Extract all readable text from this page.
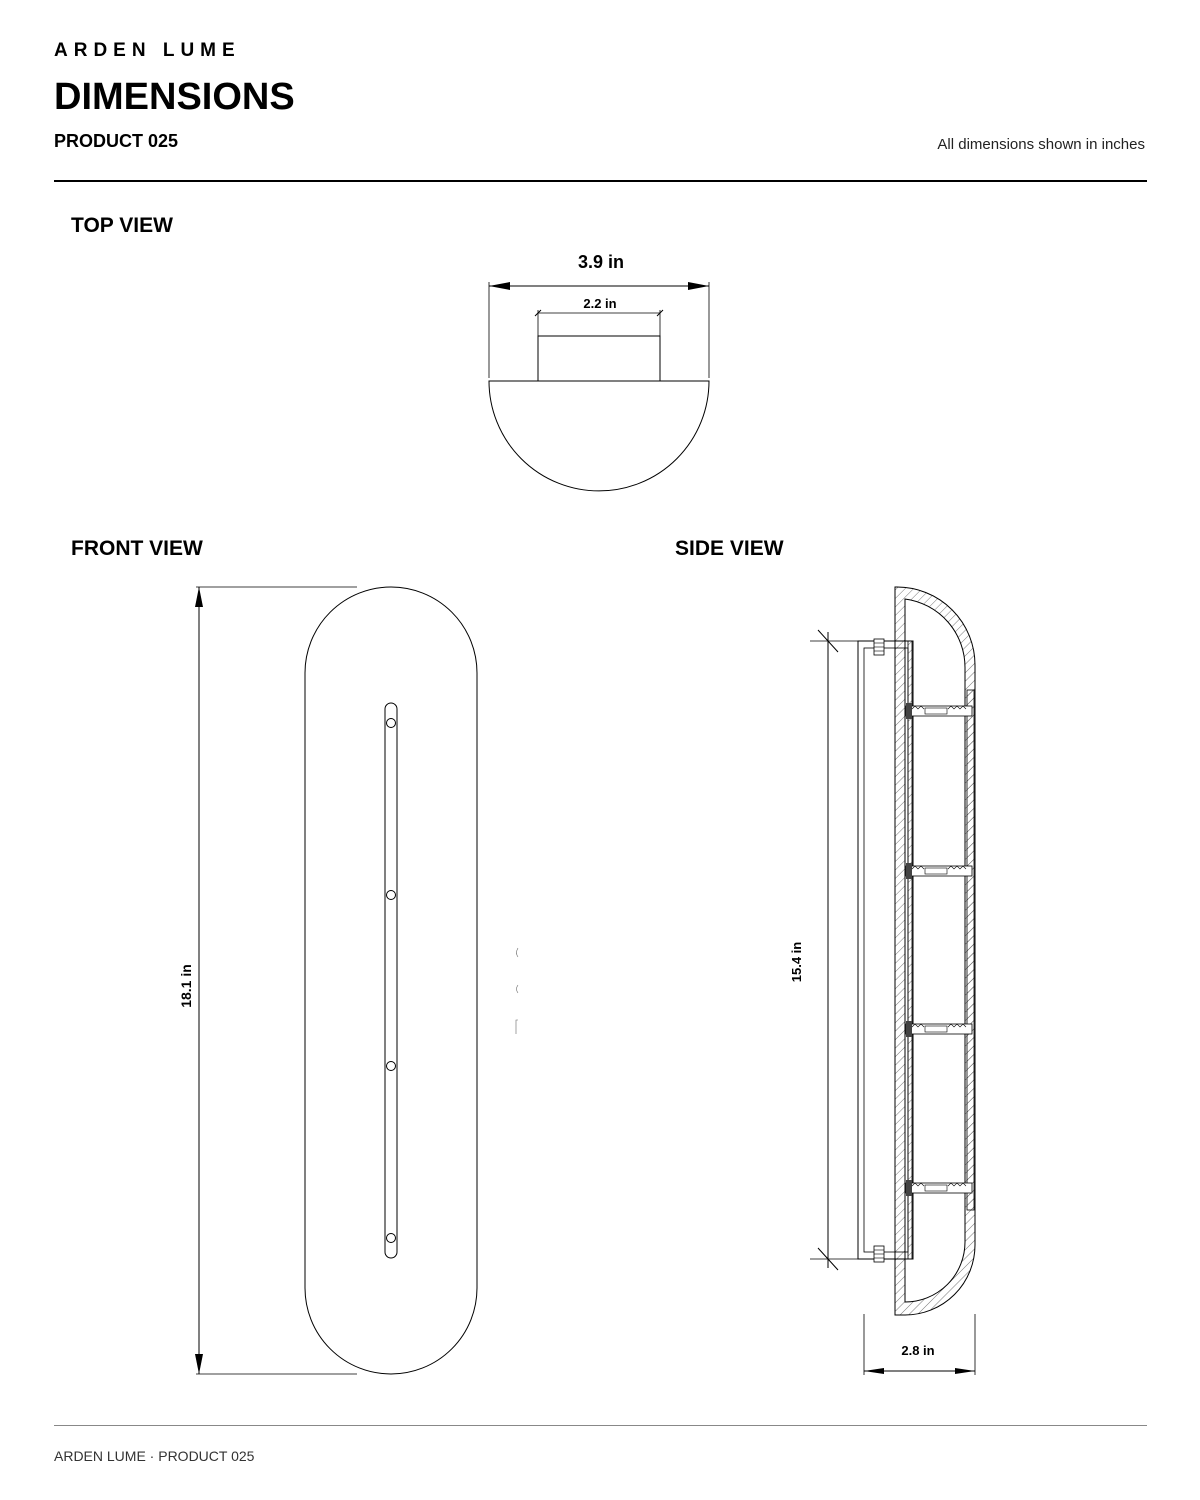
ARDEN LUME
DIMENSIONS
PRODUCT 025	All dimensions shown in inches
TOP VIEW
FRONT VIEW	SIDE VIEW
3.9 in
2.2 in
18.1 in
15.4 in
2.8 in
ARDEN LUME · PRODUCT 025
